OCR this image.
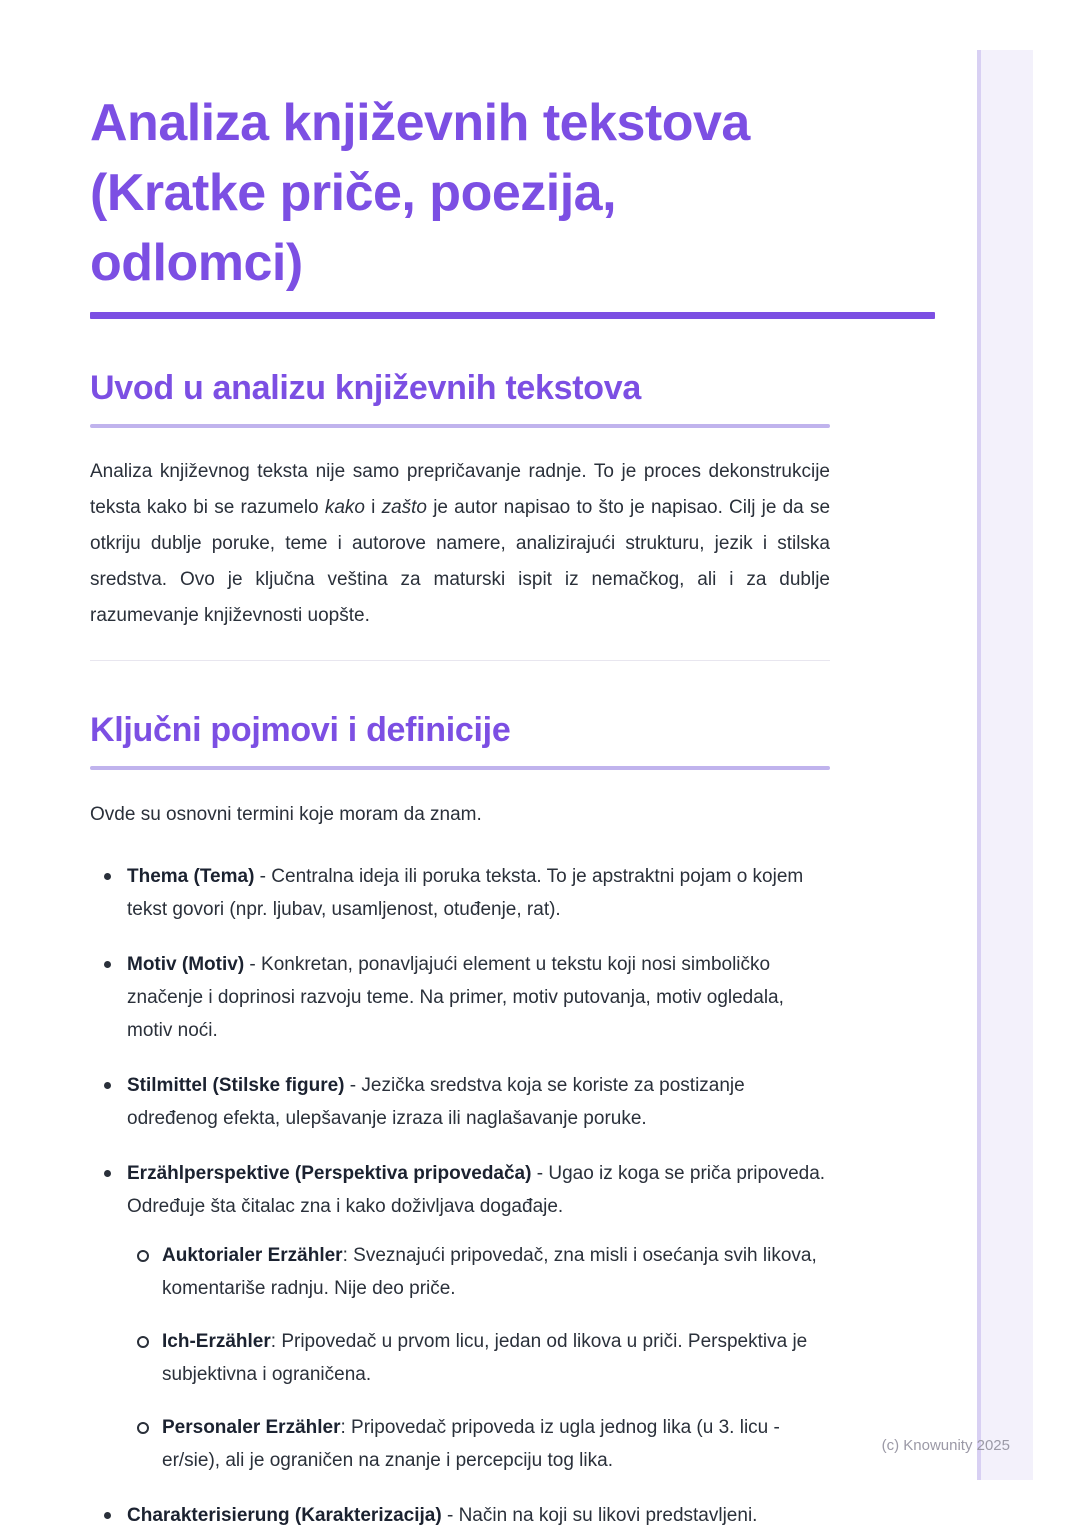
Analiza književnih tekstova
(Kratke priče, poezija,
odlomci)
Uvod u analizu književnih tekstova

Analiza književnog teksta nije samo prepričavanje radnje. To je proces dekonstrukcije teksta kako bi se razumelo kako i zašto je autor napisao to što je napisao. Cilj je da se otkriju dublje poruke, teme i autorove namere, analizirajući strukturu, jezik i stilska sredstva. Ovo je ključna veština za maturski ispit iz nemačkog, ali i za dublje razumevanje književnosti uopšte.

Ključni pojmovi i definicije

Ovde su osnovni termini koje moram da znam.

Thema (Tema) - Centralna ideja ili poruka teksta. To je apstraktni pojam o kojem tekst govori (npr. ljubav, usamljenost, otuđenje, rat).
Motiv (Motiv) - Konkretan, ponavljajući element u tekstu koji nosi simboličko značenje i doprinosi razvoju teme. Na primer, motiv putovanja, motiv ogledala, motiv noći.
Stilmittel (Stilske figure) - Jezička sredstva koja se koriste za postizanje određenog efekta, ulepšavanje izraza ili naglašavanje poruke.
Erzählperspektive (Perspektiva pripovedača) - Ugao iz koga se priča pripoveda. Određuje šta čitalac zna i kako doživljava događaje.
Auktorialer Erzähler: Sveznajući pripovedač, zna misli i osećanja svih likova, komentariše radnju. Nije deo priče.
Ich-Erzähler: Pripovedač u prvom licu, jedan od likova u priči. Perspektiva je subjektivna i ograničena.
Personaler Erzähler: Pripovedač pripoveda iz ugla jednog lika (u 3. licu - er/sie), ali je ograničen na znanje i percepciju tog lika.
Charakterisierung (Karakterizacija) - Način na koji su likovi predstavljeni.
(c) Knowunity 2025
